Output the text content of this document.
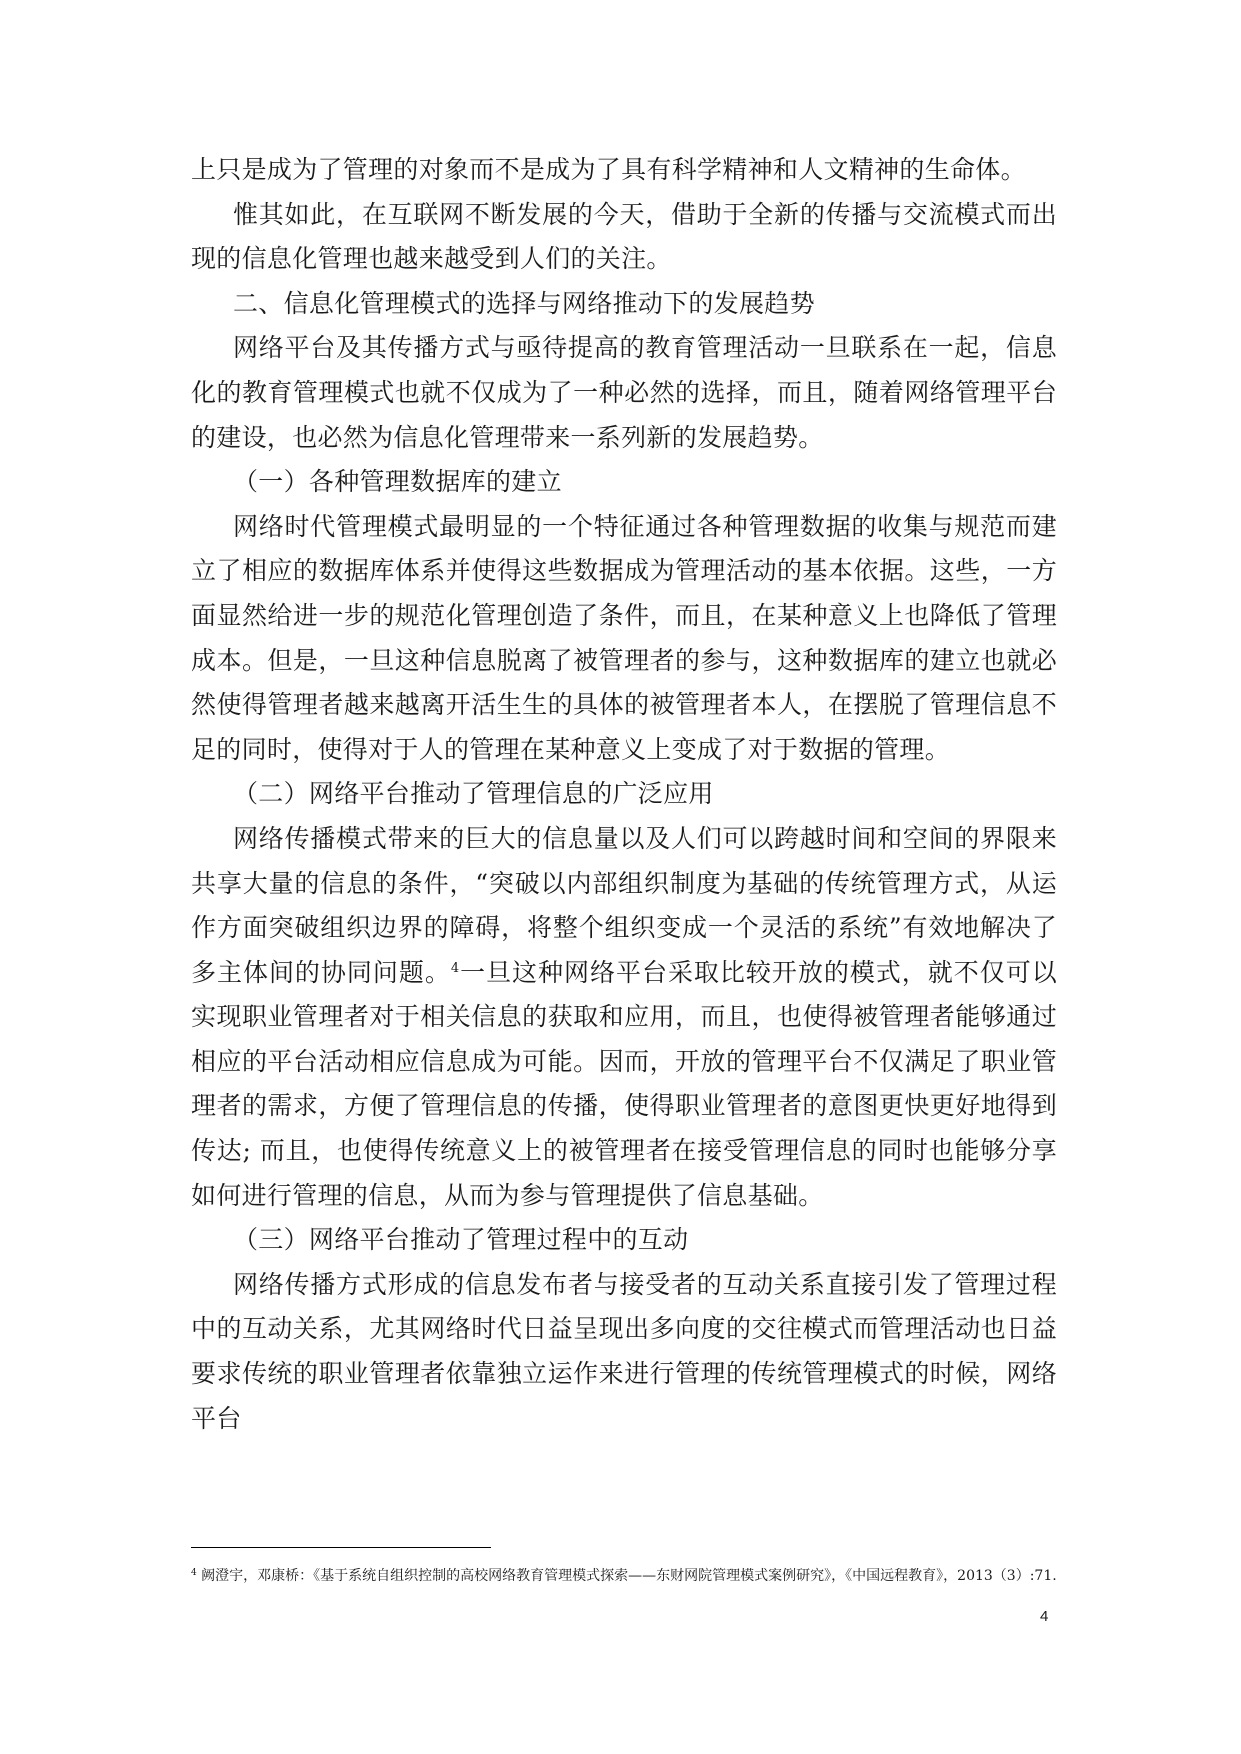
上只是成为了管理的对象而不是成为了具有科学精神和人文精神的生命体。

惟其如此，在互联网不断发展的今天，借助于全新的传播与交流模式而出现的信息化管理也越来越受到人们的关注。

二、信息化管理模式的选择与网络推动下的发展趋势

网络平台及其传播方式与亟待提高的教育管理活动一旦联系在一起，信息化的教育管理模式也就不仅成为了一种必然的选择，而且，随着网络管理平台的建设，也必然为信息化管理带来一系列新的发展趋势。

（一）各种管理数据库的建立

网络时代管理模式最明显的一个特征通过各种管理数据的收集与规范而建立了相应的数据库体系并使得这些数据成为管理活动的基本依据。这些，一方面显然给进一步的规范化管理创造了条件，而且，在某种意义上也降低了管理成本。但是，一旦这种信息脱离了被管理者的参与，这种数据库的建立也就必然使得管理者越来越离开活生生的具体的被管理者本人，在摆脱了管理信息不足的同时，使得对于人的管理在某种意义上变成了对于数据的管理。

（二）网络平台推动了管理信息的广泛应用

网络传播模式带来的巨大的信息量以及人们可以跨越时间和空间的界限来共享大量的信息的条件，“突破以内部组织制度为基础的传统管理方式，从运作方面突破组织边界的障碍，将整个组织变成一个灵活的系统”有效地解决了多主体间的协同问题。$^4$一旦这种网络平台采取比较开放的模式，就不仅可以实现职业管理者对于相关信息的获取和应用，而且，也使得被管理者能够通过相应的平台活动相应信息成为可能。因而，开放的管理平台不仅满足了职业管理者的需求，方便了管理信息的传播，使得职业管理者的意图更快更好地得到传达; 而且，也使得传统意义上的被管理者在接受管理信息的同时也能够分享如何进行管理的信息，从而为参与管理提供了信息基础。

（三）网络平台推动了管理过程中的互动

网络传播方式形成的信息发布者与接受者的互动关系直接引发了管理过程中的互动关系，尤其网络时代日益呈现出多向度的交往模式而管理活动也日益要求传统的职业管理者依靠独立运作来进行管理的传统管理模式的时候，网络平台

$^4$ 阙澄宇，邓康桥：《基于系统自组织控制的高校网络教育管理模式探索——东财网院管理模式案例研究》，《中国远程教育》，2013（3）:71.
4
